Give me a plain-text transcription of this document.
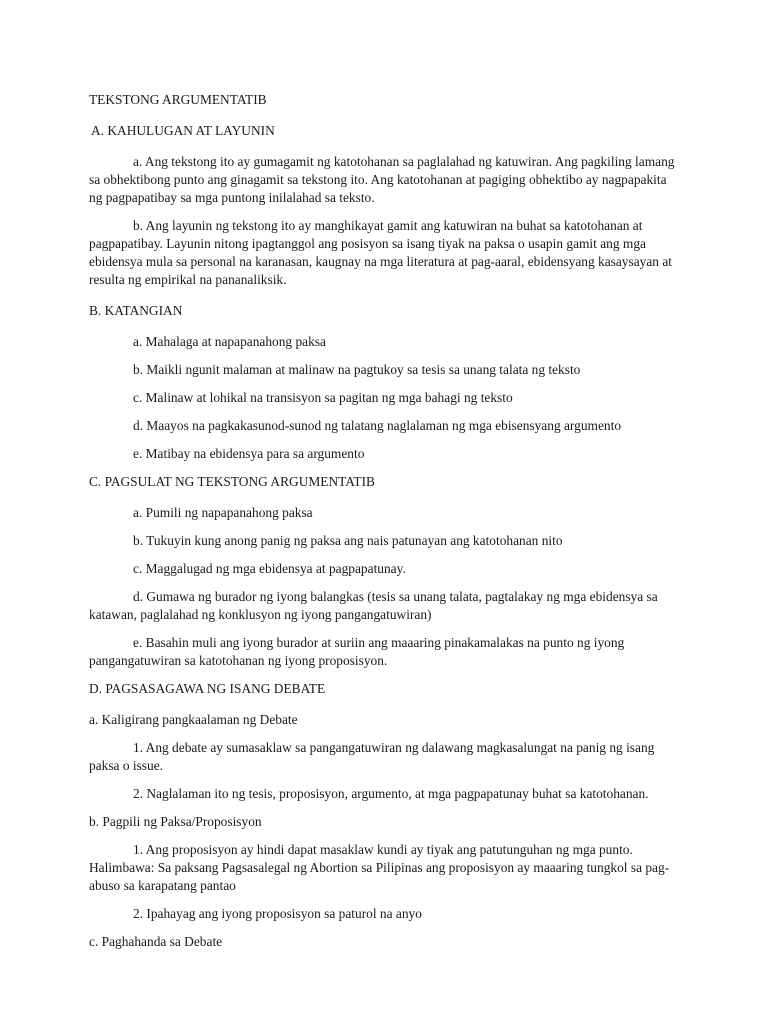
TEKSTONG ARGUMENTATIB

A. KAHULUGAN AT LAYUNIN

a. Ang tekstong ito ay gumagamit ng katotohanan sa paglalahad ng katuwiran. Ang pagkiling lamang sa obhektibong punto ang ginagamit sa tekstong ito. Ang katotohanan at pagiging obhektibo ay nagpapakita ng pagpapatibay sa mga puntong inilalahad sa teksto.

b. Ang layunin ng tekstong ito ay manghikayat gamit ang katuwiran na buhat sa katotohanan at pagpapatibay. Layunin nitong ipagtanggol ang posisyon sa isang tiyak na paksa o usapin gamit ang mga ebidensya mula sa personal na karanasan, kaugnay na mga literatura at pag-aaral, ebidensyang kasaysayan at resulta ng empirikal na pananaliksik.

B. KATANGIAN

a. Mahalaga at napapanahong paksa

b. Maikli ngunit malaman at malinaw na pagtukoy sa tesis sa unang talata ng teksto

c. Malinaw at lohikal na transisyon sa pagitan ng mga bahagi ng teksto

d. Maayos na pagkakasunod-sunod ng talatang naglalaman ng mga ebisensyang argumento

e. Matibay na ebidensya para sa argumento

C. PAGSULAT NG TEKSTONG ARGUMENTATIB

a. Pumili ng napapanahong paksa

b. Tukuyin kung anong panig ng paksa ang nais patunayan ang katotohanan nito

c. Maggalugad ng mga ebidensya at pagpapatunay.

d. Gumawa ng burador ng iyong balangkas (tesis sa unang talata, pagtalakay ng mga ebidensya sa katawan, paglalahad ng konklusyon ng iyong pangangatuwiran)

e. Basahin muli ang iyong burador at suriin ang maaaring pinakamalakas na punto ng iyong pangangatuwiran sa katotohanan ng iyong proposisyon.

D. PAGSASAGAWA NG ISANG DEBATE

a. Kaligirang pangkaalaman ng Debate

1. Ang debate ay sumasaklaw sa pangangatuwiran ng dalawang magkasalungat na panig ng isang paksa o issue.

2. Naglalaman ito ng tesis, proposisyon, argumento, at mga pagpapatunay buhat sa katotohanan.

b. Pagpili ng Paksa/Proposisyon

1. Ang proposisyon ay hindi dapat masaklaw kundi ay tiyak ang patutunguhan ng mga punto. Halimbawa: Sa paksang Pagsasalegal ng Abortion sa Pilipinas ang proposisyon ay maaaring tungkol sa pag-abuso sa karapatang pantao

2. Ipahayag ang iyong proposisyon sa paturol na anyo

c. Paghahanda sa Debate
